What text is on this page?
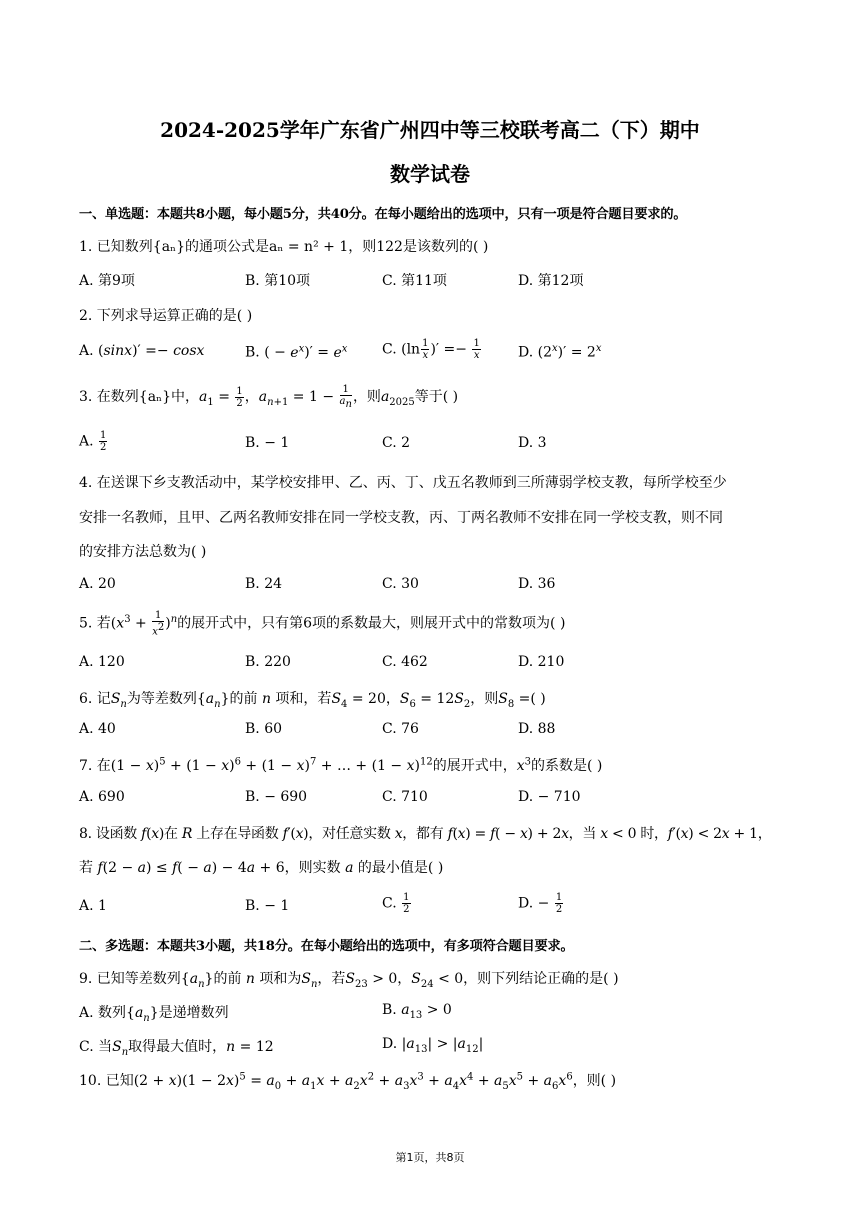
2024-2025学年广东省广州四中等三校联考高二（下）期中
数学试卷
一、单选题：本题共8小题，每小题5分，共40分。在每小题给出的选项中，只有一项是符合题目要求的。
1. 已知数列{aₙ}的通项公式是aₙ = n² + 1，则122是该数列的( )
A. 第9项	B. 第10项	C. 第11项	D. 第12项
2. 下列求导运算正确的是( )
A. (sinx)′ =− cosx	B. ( − $e^x)' = e^x$ C. ($\ln \frac{1}{x}$ )′ =− $\frac{1}{x}$	D. $(2^x)' = 2^x$
3. 在数列{aₙ}中，$a_1 = \frac{1}{2}$ ，$a_{n+1} = 1 - \frac{1}{a_n}$ ，则$a_{2025}$等于( )
A. $\frac{1}{2}$	B. − 1	C. 2	D. 3
4. 在送课下乡支教活动中，某学校安排甲、乙、丙、丁、戊五名教师到三所薄弱学校支教，每所学校至少
安排一名教师，且甲、乙两名教师安排在同一学校支教，丙、丁两名教师不安排在同一学校支教，则不同
的安排方法总数为( )
A. 20	B. 24	C. 30	D. 36
5. 若$(x^3 + \frac{1}{x^2} )^n$的展开式中，只有第6项的系数最大，则展开式中的常数项为( )
A. 120	B. 220	C. 462	D. 210
6. 记$S_n$为等差数列$\{a_n\}$的前 n 项和，若$S_4 = 20$，$S_6 = 12S_2$，则$S_8$ =( )
A. 40	B. 60	C. 76	D. 88
7. 在$(1 - x)^5 + (1 - x)^6 + (1 - x)^7$ + … + $(1 - x)^{12}$的展开式中，$x^3$的系数是( )
A. 690	B. − 690	C. 710	D. − 710
8. 设函数 f(x)在 R 上存在导函数 f′(x)，对任意实数 x，都有 f(x) = f( − x) + 2x，当 x < 0 时，f′(x) < 2x + 1，
若 f(2 − a) ≤ f( − a) − 4a + 6，则实数 a 的最小值是( )
A. 1	B. − 1	C. $\frac{1}{2}$	D. − $\frac{1}{2}$
二、多选题：本题共3小题，共18分。在每小题给出的选项中，有多项符合题目要求。
9. 已知等差数列$\{a_n\}$的前 n 项和为$S_n$，若$S_{23} > 0$，$S_{24} < 0$，则下列结论正确的是( )
A. 数列$\{a_n\}$是递增数列	B. $a_{13} > 0$
C. 当$S_n$取得最大值时，n = 12	D. $|a_{13}| > |a_{12}|$
10. 已知$(2 + x)(1 - 2x)^5 = a_0 + a_1x + a_2x^2 + a_3x^3 + a_4x^4 + a_5x^5 + a_6x^6$，则( )
第1页，共8页
